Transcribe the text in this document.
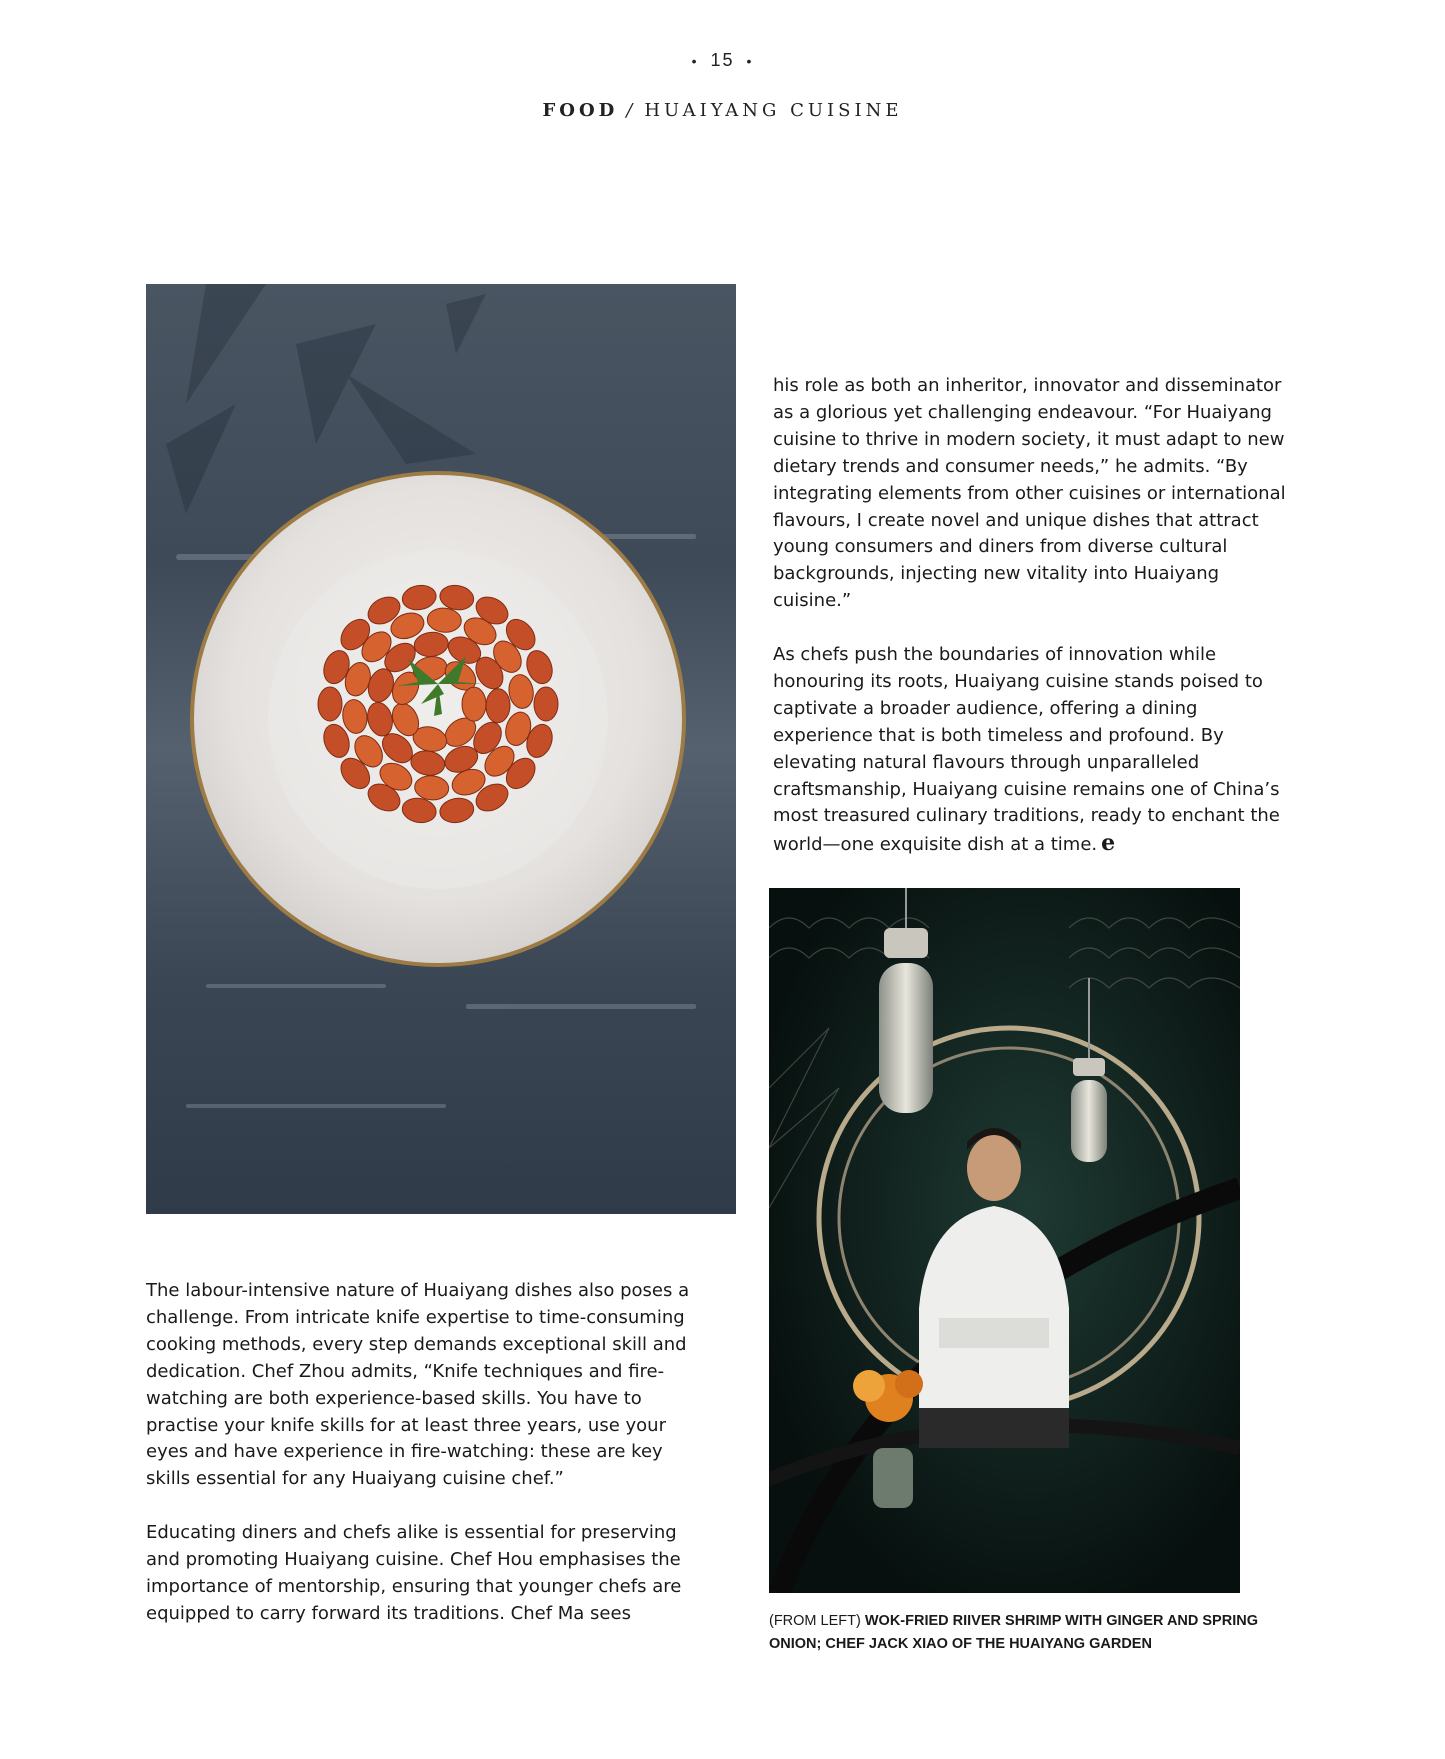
• 15 •
FOOD / HUAIYANG CUISINE

his role as both an inheritor, innovator and disseminator as a glorious yet challenging endeavour. “For Huaiyang cuisine to thrive in modern society, it must adapt to new dietary trends and consumer needs,” he admits. “By integrating elements from other cuisines or international flavours, I create novel and unique dishes that attract young consumers and diners from diverse cultural backgrounds, injecting new vitality into Huaiyang cuisine.”

As chefs push the boundaries of innovation while honouring its roots, Huaiyang cuisine stands poised to captivate a broader audience, offering a dining experience that is both timeless and profound. By elevating natural flavours through unparalleled craftsmanship, Huaiyang cuisine remains one of China’s most treasured culinary traditions, ready to enchant the world—one exquisite dish at a time. e

The labour-intensive nature of Huaiyang dishes also poses a challenge. From intricate knife expertise to time-consuming cooking methods, every step demands exceptional skill and dedication. Chef Zhou admits, “Knife techniques and fire-watching are both experience-based skills. You have to practise your knife skills for at least three years, use your eyes and have experience in fire-watching: these are key skills essential for any Huaiyang cuisine chef.”

Educating diners and chefs alike is essential for preserving and promoting Huaiyang cuisine. Chef Hou emphasises the importance of mentorship, ensuring that younger chefs are equipped to carry forward its traditions. Chef Ma sees	(FROM LEFT) WOK-FRIED RIIVER SHRIMP WITH GINGER AND SPRING ONION; CHEF JACK XIAO OF THE HUAIYANG GARDEN
